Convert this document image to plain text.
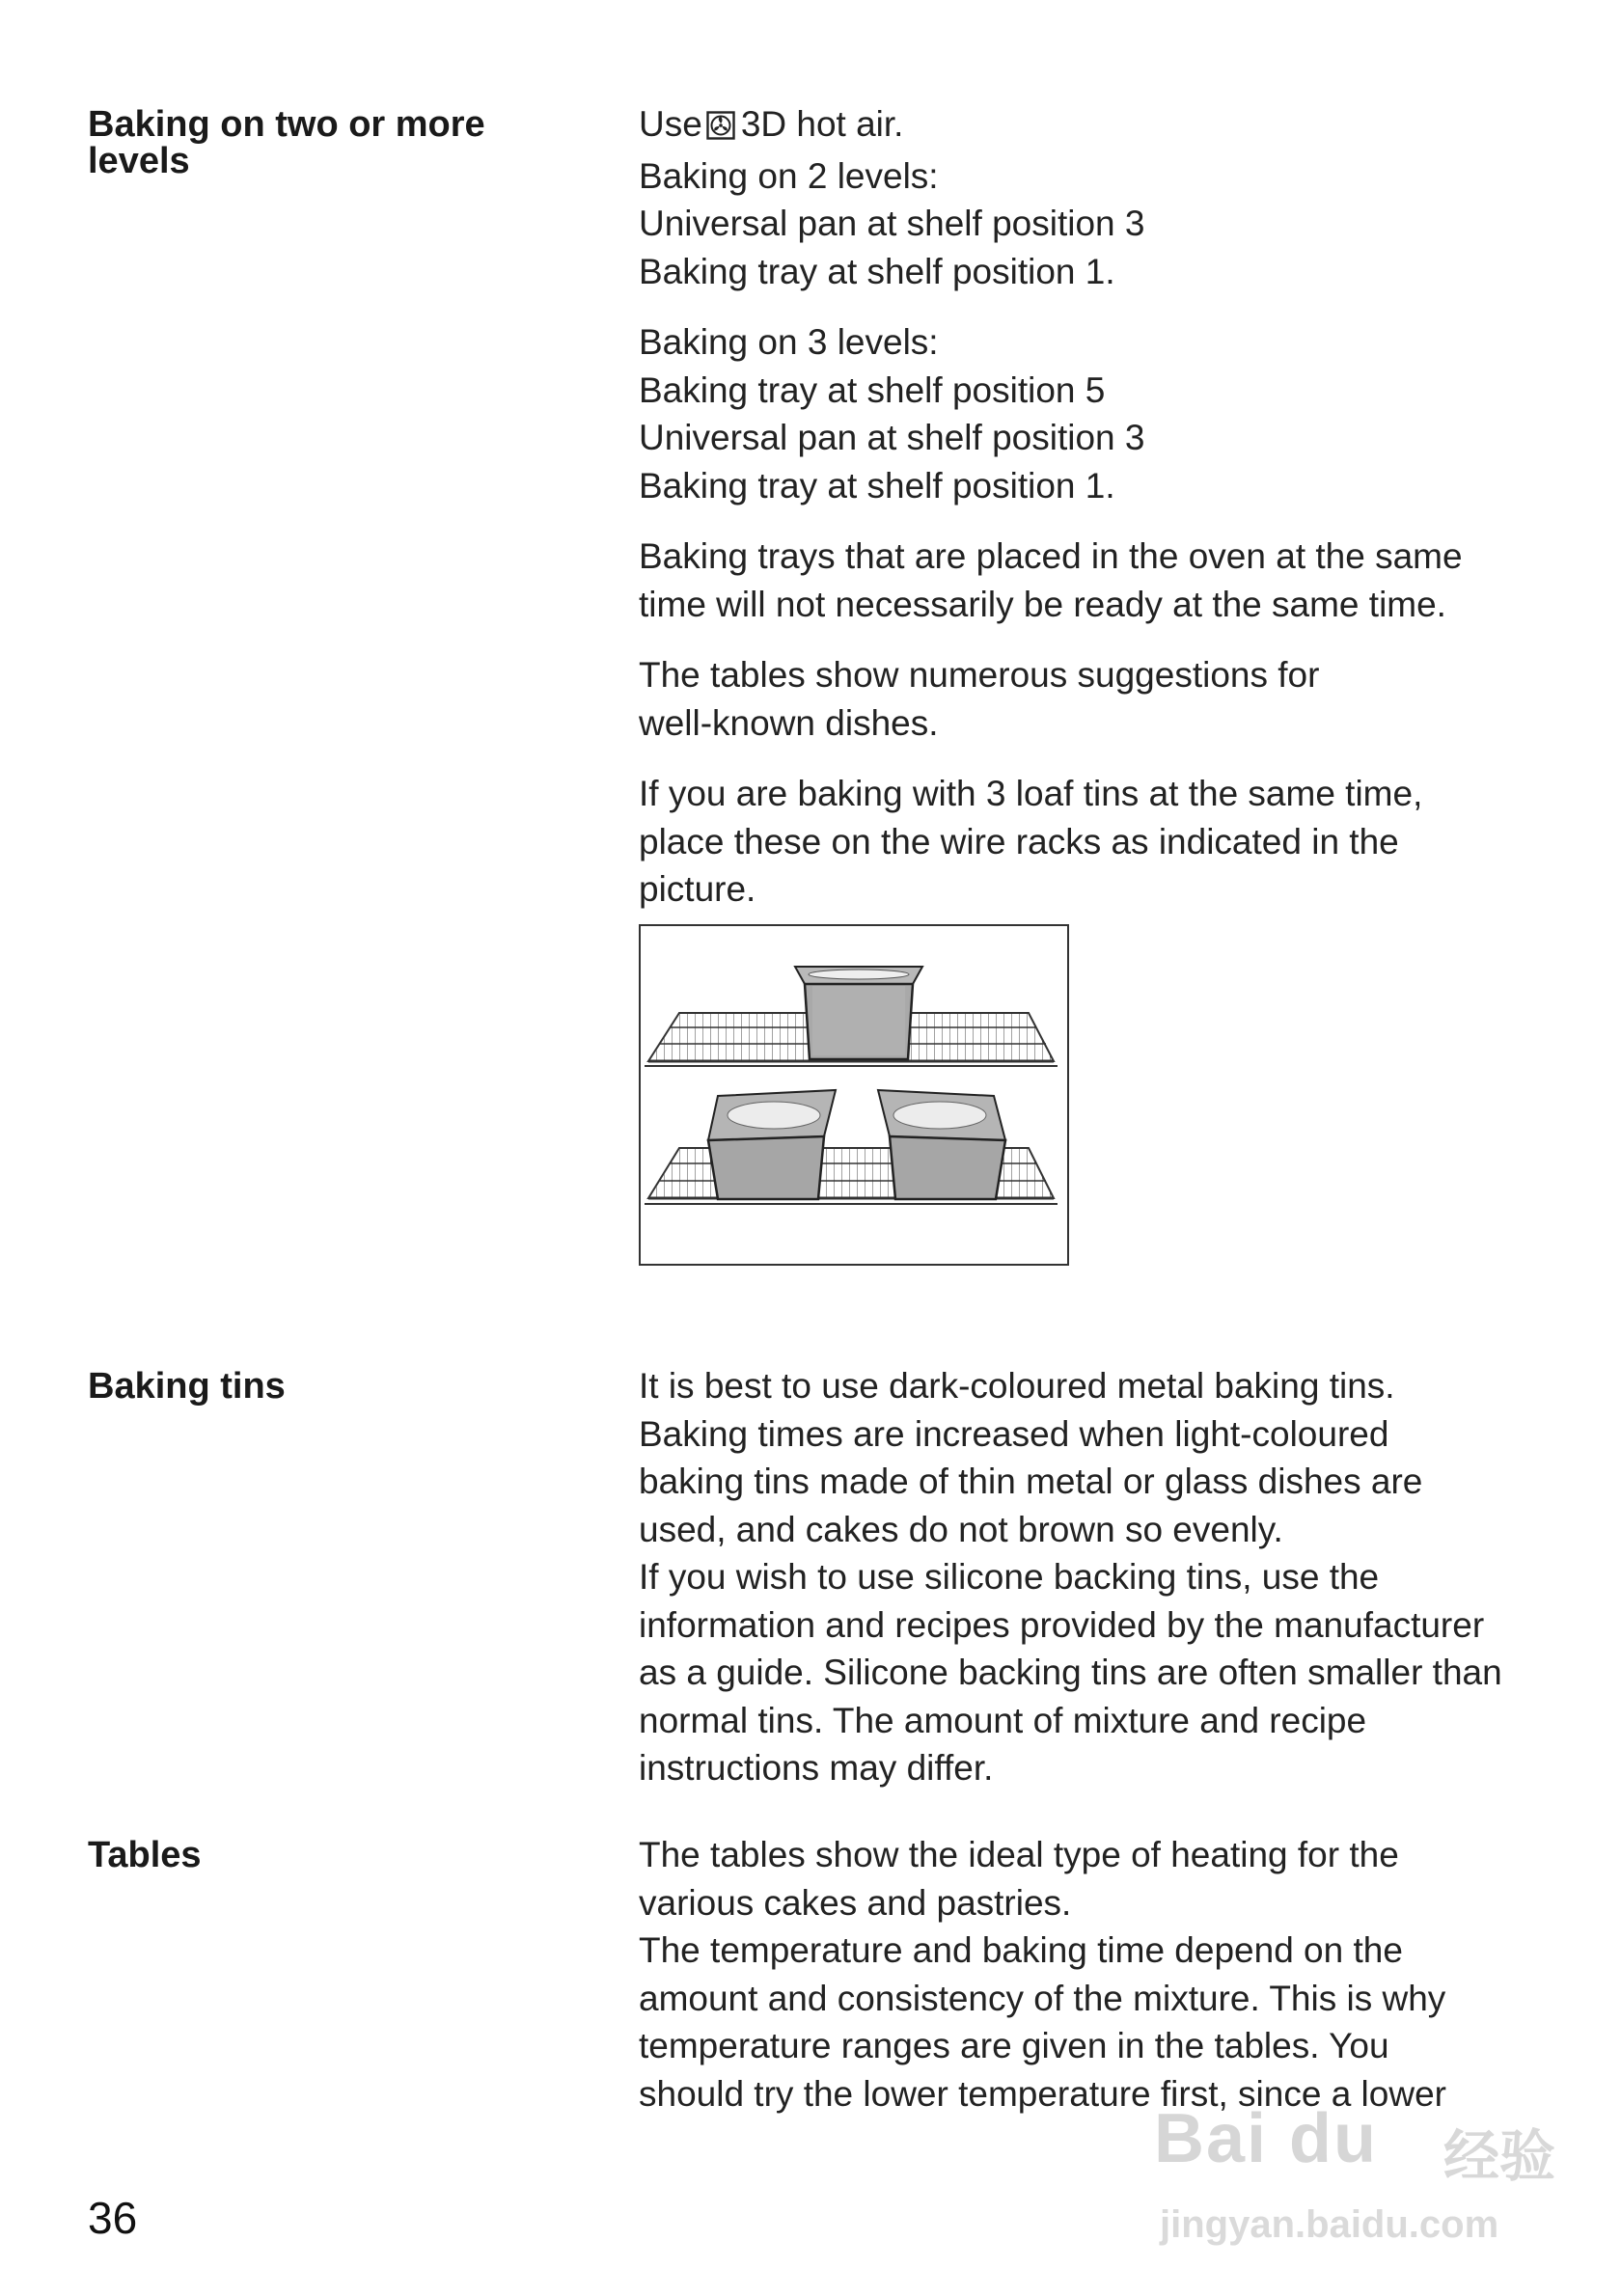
Baking on two or more levels

Use 3D hot air.

Baking on 2 levels:
Universal pan at shelf position 3
Baking tray at shelf position 1.

Baking on 3 levels:
Baking tray at shelf position 5
Universal pan at shelf position 3
Baking tray at shelf position 1.

Baking trays that are placed in the oven at the same
time will not necessarily be ready at the same time.

The tables show numerous suggestions for
well-known dishes.

If you are baking with 3 loaf tins at the same time,
place these on the wire racks as indicated in the
picture.

Baking tins	It is best to use dark-coloured metal baking tins.
Baking times are increased when light-coloured
baking tins made of thin metal or glass dishes are
used, and cakes do not brown so evenly.
If you wish to use silicone backing tins, use the
information and recipes provided by the manufacturer
as a guide. Silicone backing tins are often smaller than
normal tins. The amount of mixture and recipe
instructions may differ.

Tables	The tables show the ideal type of heating for the
various cakes and pastries.
The temperature and baking time depend on the
amount and consistency of the mixture. This is why
temperature ranges are given in the tables. You
should try the lower temperature first, since a lower

36
Bai du 经验
jingyan.baidu.com
